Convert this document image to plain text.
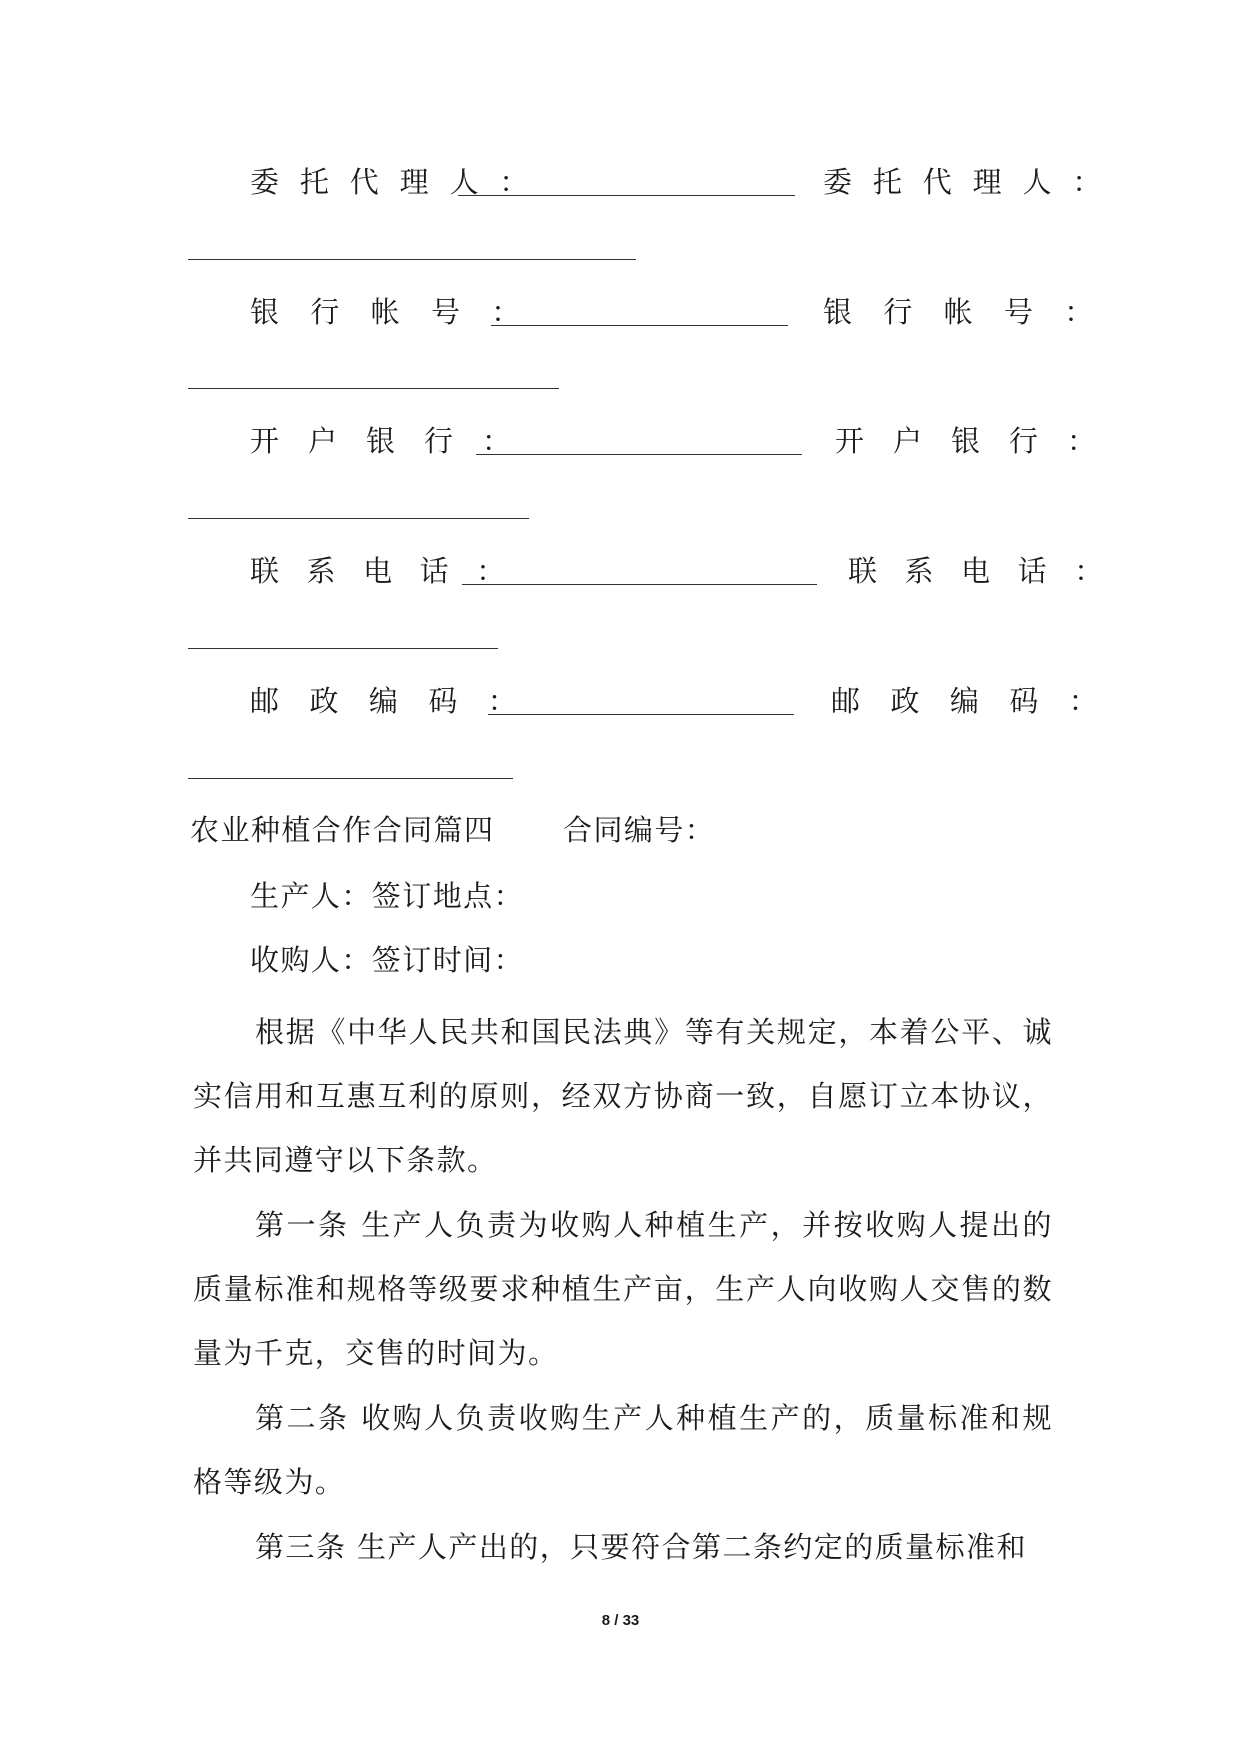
委托代理人：	委托代理人：
银行帐号：	银行帐号：
开户银行：	开户银行：
联系电话：	联系电话：
邮政编码：	邮政编码：
农业种植合作合同篇四 合同编号：
生产人：签订地点：
收购人：签订时间：
根据《中华人民共和国民法典》等有关规定，本着公平、诚实信用和互惠互利的原则，经双方协商一致，自愿订立本协议，并共同遵守以下条款。
第一条 生产人负责为收购人种植生产，并按收购人提出的质量标准和规格等级要求种植生产亩，生产人向收购人交售的数量为千克，交售的时间为。
第二条 收购人负责收购生产人种植生产的，质量标准和规格等级为。
第三条 生产人产出的，只要符合第二条约定的质量标准和
8 / 33
